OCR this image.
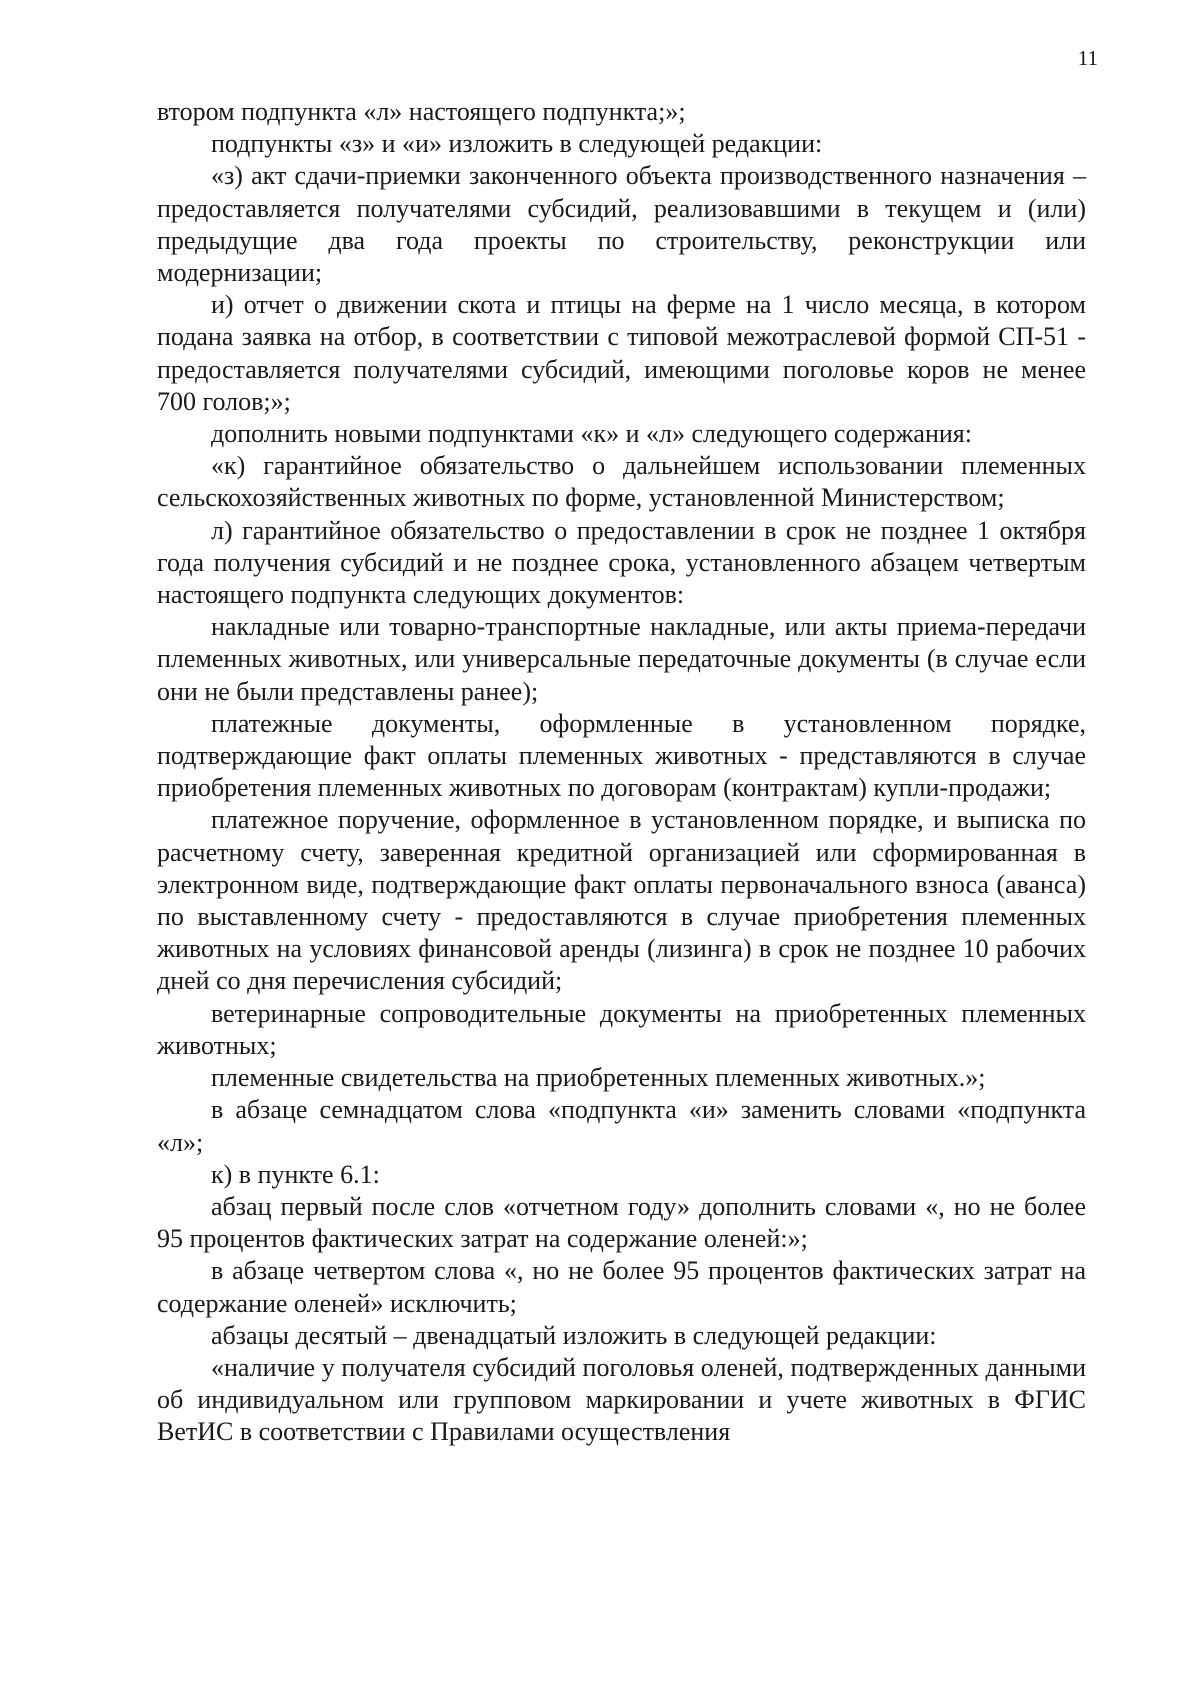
11

втором подпункта «л» настоящего подпункта;»;

подпункты «з» и «и» изложить в следующей редакции:

«з) акт сдачи-приемки законченного объекта производственного назначения – предоставляется получателями субсидий, реализовавшими в текущем и (или) предыдущие два года проекты по строительству, реконструкции или модернизации;

и) отчет о движении скота и птицы на ферме на 1 число месяца, в котором подана заявка на отбор, в соответствии с типовой межотраслевой формой СП-51 - предоставляется получателями субсидий, имеющими поголовье коров не менее 700 голов;»;

дополнить новыми подпунктами «к» и «л» следующего содержания:

«к) гарантийное обязательство о дальнейшем использовании племенных сельскохозяйственных животных по форме, установленной Министерством;

л) гарантийное обязательство о предоставлении в срок не позднее 1 октября года получения субсидий и не позднее срока, установленного абзацем четвертым настоящего подпункта следующих документов:

накладные или товарно-транспортные накладные, или акты приема-передачи племенных животных, или универсальные передаточные документы (в случае если они не были представлены ранее);

платежные документы, оформленные в установленном порядке, подтверждающие факт оплаты племенных животных - представляются в случае приобретения племенных животных по договорам (контрактам) купли-продажи;

платежное поручение, оформленное в установленном порядке, и выписка по расчетному счету, заверенная кредитной организацией или сформированная в электронном виде, подтверждающие факт оплаты первоначального взноса (аванса) по выставленному счету - предоставляются в случае приобретения племенных животных на условиях финансовой аренды (лизинга) в срок не позднее 10 рабочих дней со дня перечисления субсидий;

ветеринарные сопроводительные документы на приобретенных племенных животных;

племенные свидетельства на приобретенных племенных животных.»;

в абзаце семнадцатом слова «подпункта «и» заменить словами «подпункта «л»;

к) в пункте 6.1:

абзац первый после слов «отчетном году» дополнить словами «, но не более 95 процентов фактических затрат на содержание оленей:»;

в абзаце четвертом слова «, но не более 95 процентов фактических затрат на содержание оленей» исключить;

абзацы десятый – двенадцатый изложить в следующей редакции:

«наличие у получателя субсидий поголовья оленей, подтвержденных данными об индивидуальном или групповом маркировании и учете животных в ФГИС ВетИС в соответствии с Правилами осуществления
